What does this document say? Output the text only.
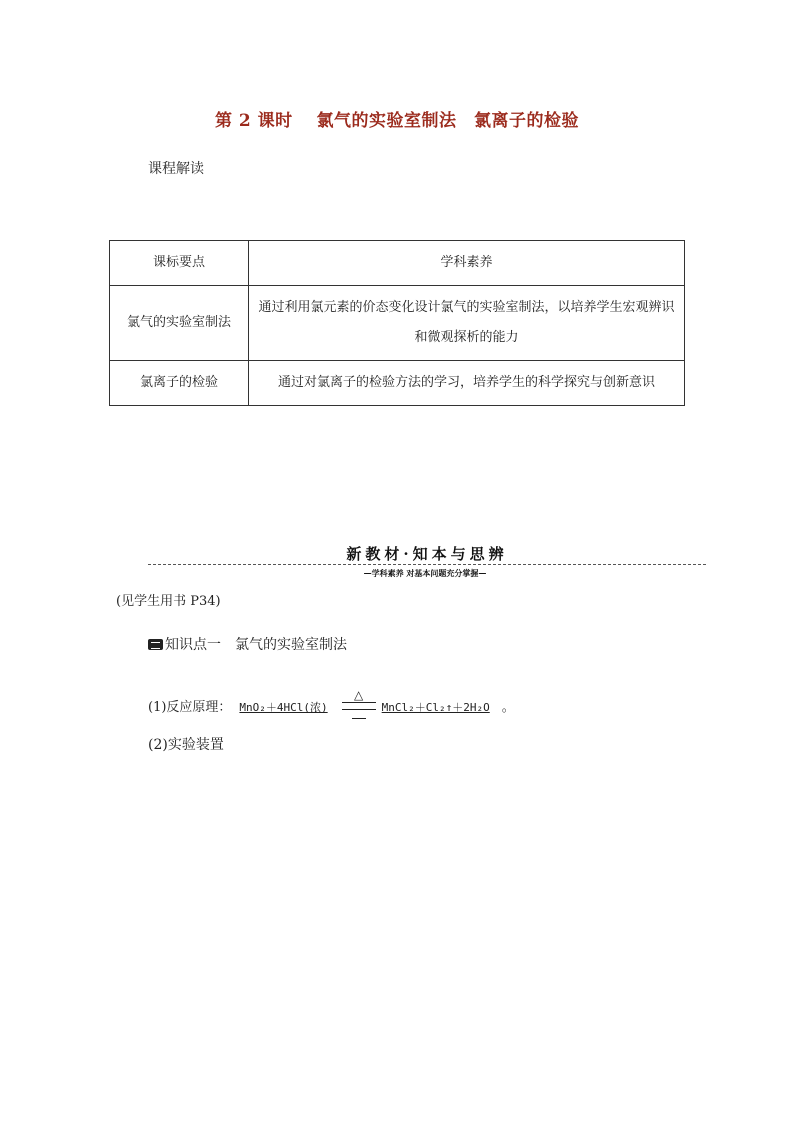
第 2 课时　 氯气的实验室制法　氯离子的检验
课程解读
课标要点	学科素养
氯气的实验室制法	通过利用氯元素的价态变化设计氯气的实验室制法，以培养学生宏观辨识和微观探析的能力
氯离子的检验	通过对氯离子的检验方法的学习，培养学生的科学探究与创新意识
新教材·知本与思辨
—学科素养 对基本问题充分掌握—
(见学生用书 P34)
知识点一 氯气的实验室制法
(1)反应原理： MnO₂＋4HCl(浓)
△
MnCl₂＋Cl₂↑＋2H₂O 。
(2)实验装置
